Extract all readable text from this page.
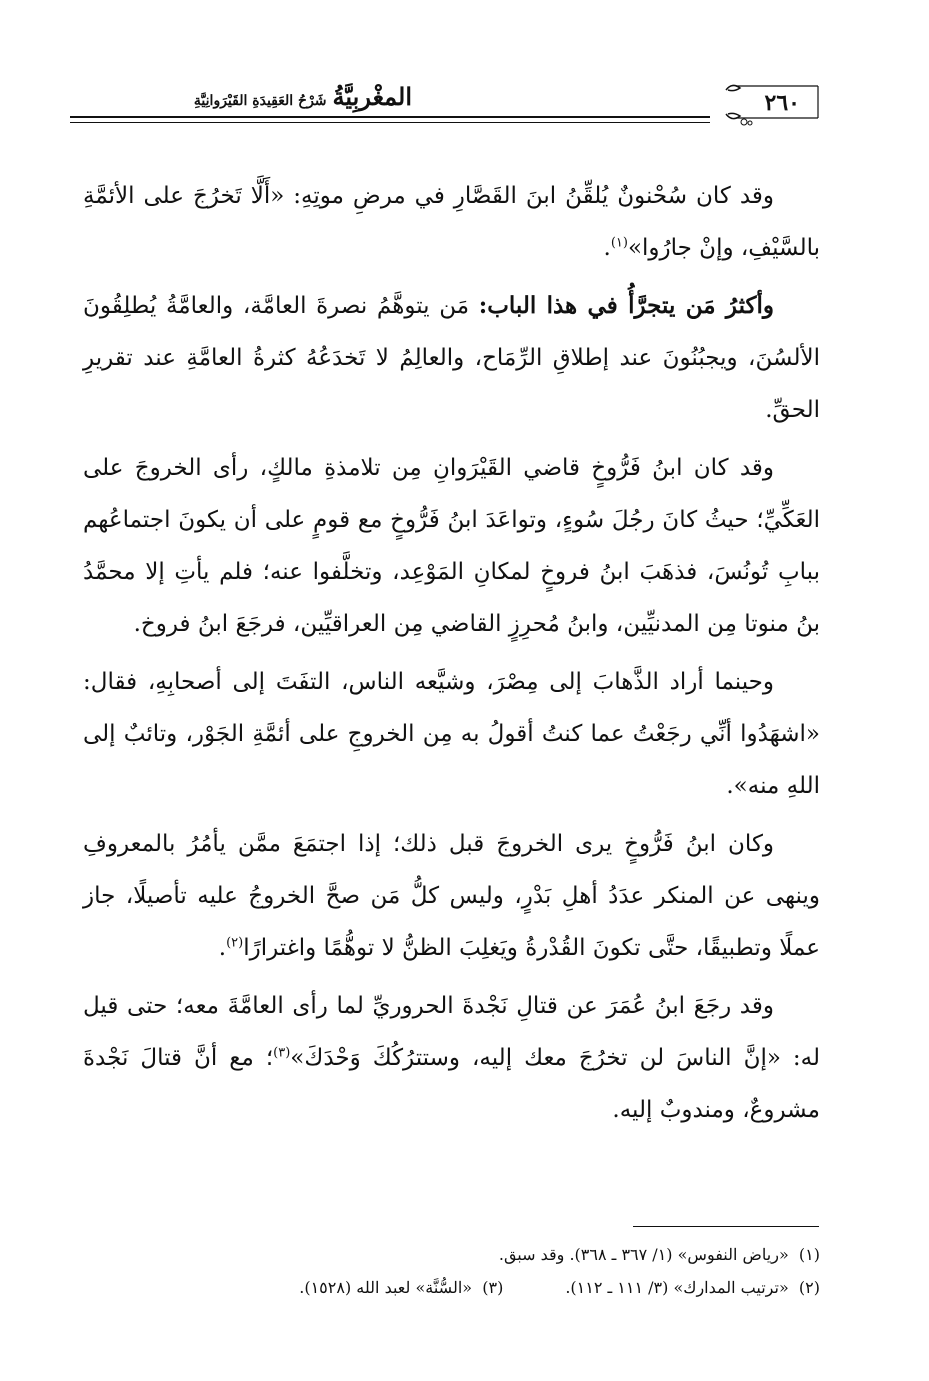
المغْربِيَّةُشَرْحُ العَقِيدَةِ القَيْرَوانِيَّةِ	٢٦٠

وقد كان سُحْنونٌ يُلقِّنُ ابنَ القَصَّارِ في مرضِ موتِهِ: «أَلَّا تَخرُجَ على الأئمَّةِ بالسَّيْفِ، وإنْ جارُوا»$^{(١)}$.

وأكثرُ مَن يتجرَّأُ في هذا الباب: مَن يتوهَّمُ نصرةَ العامَّة، والعامَّةُ يُطلِقُونَ الألسُنَ، ويجبُنُونَ عند إطلاقِ الرِّمَاح، والعالِمُ لا تَخدَعُهُ كثرةُ العامَّةِ عند تقريرِ الحقِّ.

وقد كان ابنُ فَرُّوخٍ قاضي القَيْرَوانِ مِن تلامذةِ مالكٍ، رأى الخروجَ على العَكِّيِّ؛ حيثُ كانَ رجُلَ سُوءٍ، وتواعَدَ ابنُ فَرُّوخٍ مع قومٍ على أن يكونَ اجتماعُهم ببابِ تُونُسَ، فذهَبَ ابنُ فروخٍ لمكانِ المَوْعِد، وتخلَّفوا عنه؛ فلم يأتِ إلا محمَّدُ بنُ منوتا مِن المدنيِّين، وابنُ مُحرِزٍ القاضي مِن العراقيِّين، فرجَعَ ابنُ فروخ.

وحينما أراد الذَّهابَ إلى مِصْرَ، وشيَّعه الناس، التفَتَ إلى أصحابِهِ، فقال: «اشهَدُوا أنِّي رجَعْتُ عما كنتُ أقولُ به مِن الخروجِ على أئمَّةِ الجَوْر، وتائبٌ إلى اللهِ منه».

وكان ابنُ فَرُّوخٍ يرى الخروجَ قبل ذلك؛ إذا اجتمَعَ ممَّن يأمُرُ بالمعروفِ وينهى عن المنكر عدَدُ أهلِ بَدْرٍ، وليس كلُّ مَن صحَّ الخروجُ عليه تأصيلًا، جاز عملًا وتطبيقًا، حتَّى تكونَ القُدْرةُ ويَغلِبَ الظنُّ لا توهُّمًا واغترارًا$^{(٢)}$.

وقد رجَعَ ابنُ عُمَرَ عن قتالِ نَجْدةَ الحروريِّ لما رأى العامَّةَ معه؛ حتى قيل له: «إنَّ الناسَ لن تخرُجَ معك إليه، وستترُكُكَ وَحْدَكَ»$^{(٣)}$؛ مع أنَّ قتالَ نَجْدةَ مشروعٌ، ومندوبٌ إليه.

(١)  «رياض النفوس» (١/ ٣٦٧ ـ ٣٦٨). وقد سبق.
(٢)  «ترتيب المدارك» (٣/ ١١١ ـ ١١٢).(٣)  «السُّنَّة» لعبد الله (١٥٢٨).
